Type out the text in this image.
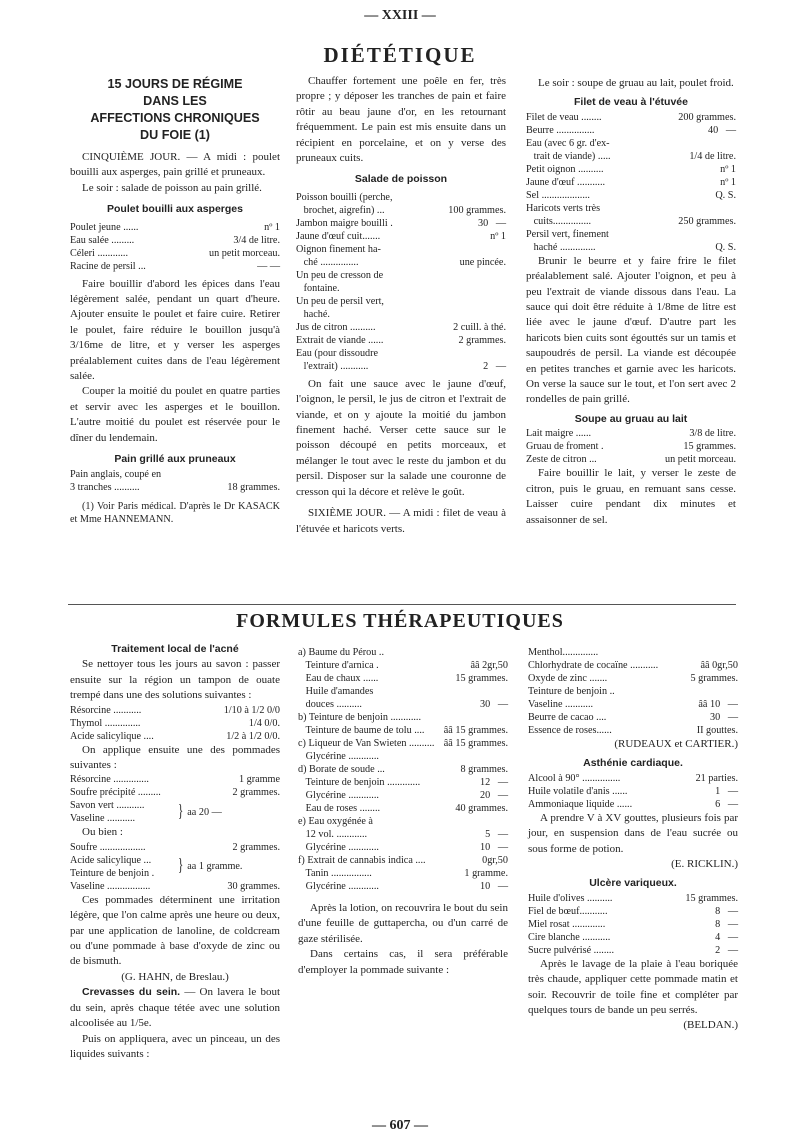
— XXIII —
DIÉTÉTIQUE
15 JOURS DE RÉGIME
DANS LES
AFFECTIONS CHRONIQUES
DU FOIE (1)

CINQUIÈME JOUR. — A midi : poulet bouilli aux asperges, pain grillé et pruneaux.

Le soir : salade de poisson au pain grillé.

Poulet bouilli aux asperges
Poulet jeune ......	nº 1
Eau salée .........	3/4 de litre.
Céleri ............	un petit morceau.
Racine de persil ...	— —

Faire bouillir d'abord les épices dans l'eau légèrement salée, pendant un quart d'heure. Ajouter ensuite le poulet et faire cuire. Retirer le poulet, faire réduire le bouillon jusqu'à 3/16me de litre, et y verser les asperges préalablement cuites dans de l'eau légèrement salée.

Couper la moitié du poulet en quatre parties et servir avec les asperges et le bouillon. L'autre moitié du poulet est réservée pour le dîner du lendemain.

Pain grillé aux pruneaux
Pain anglais, coupé en
3 tranches ..........	18 grammes.

(1) Voir Paris médical. D'après le Dr KASACK et Mme HANNEMANN.

Chauffer fortement une poêle en fer, très propre ; y déposer les tranches de pain et faire rôtir au beau jaune d'or, en les retournant fréquemment. Le pain est mis ensuite dans un récipient en porcelaine, et on y verse des pruneaux cuits.

Salade de poisson
Poisson bouilli (perche,
brochet, aigrefin) ...	100 grammes.
Jambon maigre bouilli .	30   —
Jaune d'œuf cuit.......	nº 1
Oignon finement ha-
ché ...............	une pincée.
Un peu de cresson de
fontaine.
Un peu de persil vert,
haché.
Jus de citron ..........	2 cuill. à thé.
Extrait de viande ......	2 grammes.
Eau (pour dissoudre
l'extrait) ...........	2   —

On fait une sauce avec le jaune d'œuf, l'oignon, le persil, le jus de citron et l'extrait de viande, et on y ajoute la moitié du jambon finement haché. Verser cette sauce sur le poisson découpé en petits morceaux, et mélanger le tout avec le reste du jambon et du persil. Disposer sur la salade une couronne de cresson qui la décore et relève le goût.

SIXIÈME JOUR. — A midi : filet de veau à l'étuvée et haricots verts.

Le soir : soupe de gruau au lait, poulet froid.

Filet de veau à l'étuvée
Filet de veau ........	200 grammes.
Beurre ...............	40   —
Eau (avec 6 gr. d'ex-
trait de viande) .....	1/4 de litre.
Petit oignon ..........	nº 1
Jaune d'œuf ...........	nº 1
Sel ...................	Q. S.
Haricots verts très
cuits...............	250 grammes.
Persil vert, finement
haché ..............	Q. S.

Brunir le beurre et y faire frire le filet préalablement salé. Ajouter l'oignon, et peu à peu l'extrait de viande dissous dans l'eau. La sauce qui doit être réduite à 1/8me de litre est liée avec le jaune d'œuf. D'autre part les haricots bien cuits sont égouttés sur un tamis et saupoudrés de persil. La viande est découpée en petites tranches et garnie avec les haricots. On verse la sauce sur le tout, et l'on sert avec 2 rondelles de pain grillé.

Soupe au gruau au lait
Lait maigre ......	3/8 de litre.
Gruau de froment .	15 grammes.
Zeste de citron ...	un petit morceau.

Faire bouillir le lait, y verser le zeste de citron, puis le gruau, en remuant sans cesse. Laisser cuire pendant dix minutes et assaisonner de sel.

FORMULES THÉRAPEUTIQUES
Traitement local de l'acné

Se nettoyer tous les jours au savon : passer ensuite sur la région un tampon de ouate trempé dans une des solutions suivantes :

Résorcine ...........	1/10 à 1/2 0/0
Thymol ..............	1/4 0/0.
Acide salicylique ....	1/2 à 1/2 0/0.

On applique ensuite une des pommades suivantes :

Résorcine ..............	1 gramme
Soufre précipité .........	2 grammes.
Savon vert ...........
Vaseline ...........	} aa 20 —
Ou bien :
Soufre ..................	2 grammes.
Acide salicylique ...
Teinture de benjoin .	} aa 1 gramme.
Vaseline .................	30 grammes.

Ces pommades déterminent une irritation légère, que l'on calme après une heure ou deux, par une application de lanoline, de coldcream ou d'une pommade à base d'oxyde de zinc ou de bismuth.

(G. HAHN, de Breslau.)

Crevasses du sein. — On lavera le bout du sein, après chaque tétée avec une solution alcoolisée au 1/5e.

Puis on appliquera, avec un pinceau, un des liquides suivants :

a) Baume du Pérou ..
Teinture d'arnica .	ââ 2gr,50
Eau de chaux ......	15 grammes.
Huile d'amandes
douces ..........	30   —
b) Teinture de benjoin ............
Teinture de baume de tolu .... ââ 15 grammes.
c) Liqueur de Van Swieten .......... ââ 15 grammes.
Glycérine ............
d) Borate de soude ...	8 grammes.
Teinture de benjoin .............	12   —
Glycérine ............	20   —
Eau de roses ........	40 grammes.
e) Eau oxygénée à
12 vol. ............	5   —
Glycérine ............	10   —
f) Extrait de cannabis indica ....	0gr,50
Tanin ................	1 gramme.
Glycérine ............	10   —

Après la lotion, on recouvrira le bout du sein d'une feuille de guttapercha, ou d'un carré de gaze stérilisée.

Dans certains cas, il sera préférable d'employer la pommade suivante :

Menthol..............
Chlorhydrate de cocaïne ...........	ââ 0gr,50
Oxyde de zinc .......	5 grammes.
Teinture de benjoin ..
Vaseline ...........	ââ 10   —
Beurre de cacao ....	30   —
Essence de roses......	II gouttes.
(RUDEAUX et CARTIER.)
Asthénie cardiaque.
Alcool à 90° ...............	21 parties.
Huile volatile d'anis ......	1   —
Ammoniaque liquide ......	6   —

A prendre V à XV gouttes, plusieurs fois par jour, en suspension dans de l'eau sucrée ou sous forme de potion.

(E. RICKLIN.)
Ulcère variqueux.
Huile d'olives ..........	15 grammes.
Fiel de bœuf...........	8   —
Miel rosat .............	8   —
Cire blanche ...........	4   —
Sucre pulvérisé ........	2   —

Après le lavage de la plaie à l'eau boriquée très chaude, appliquer cette pommade matin et soir. Recouvrir de toile fine et compléter par quelques tours de bande un peu serrés.

(BELDAN.)
— 607 —
